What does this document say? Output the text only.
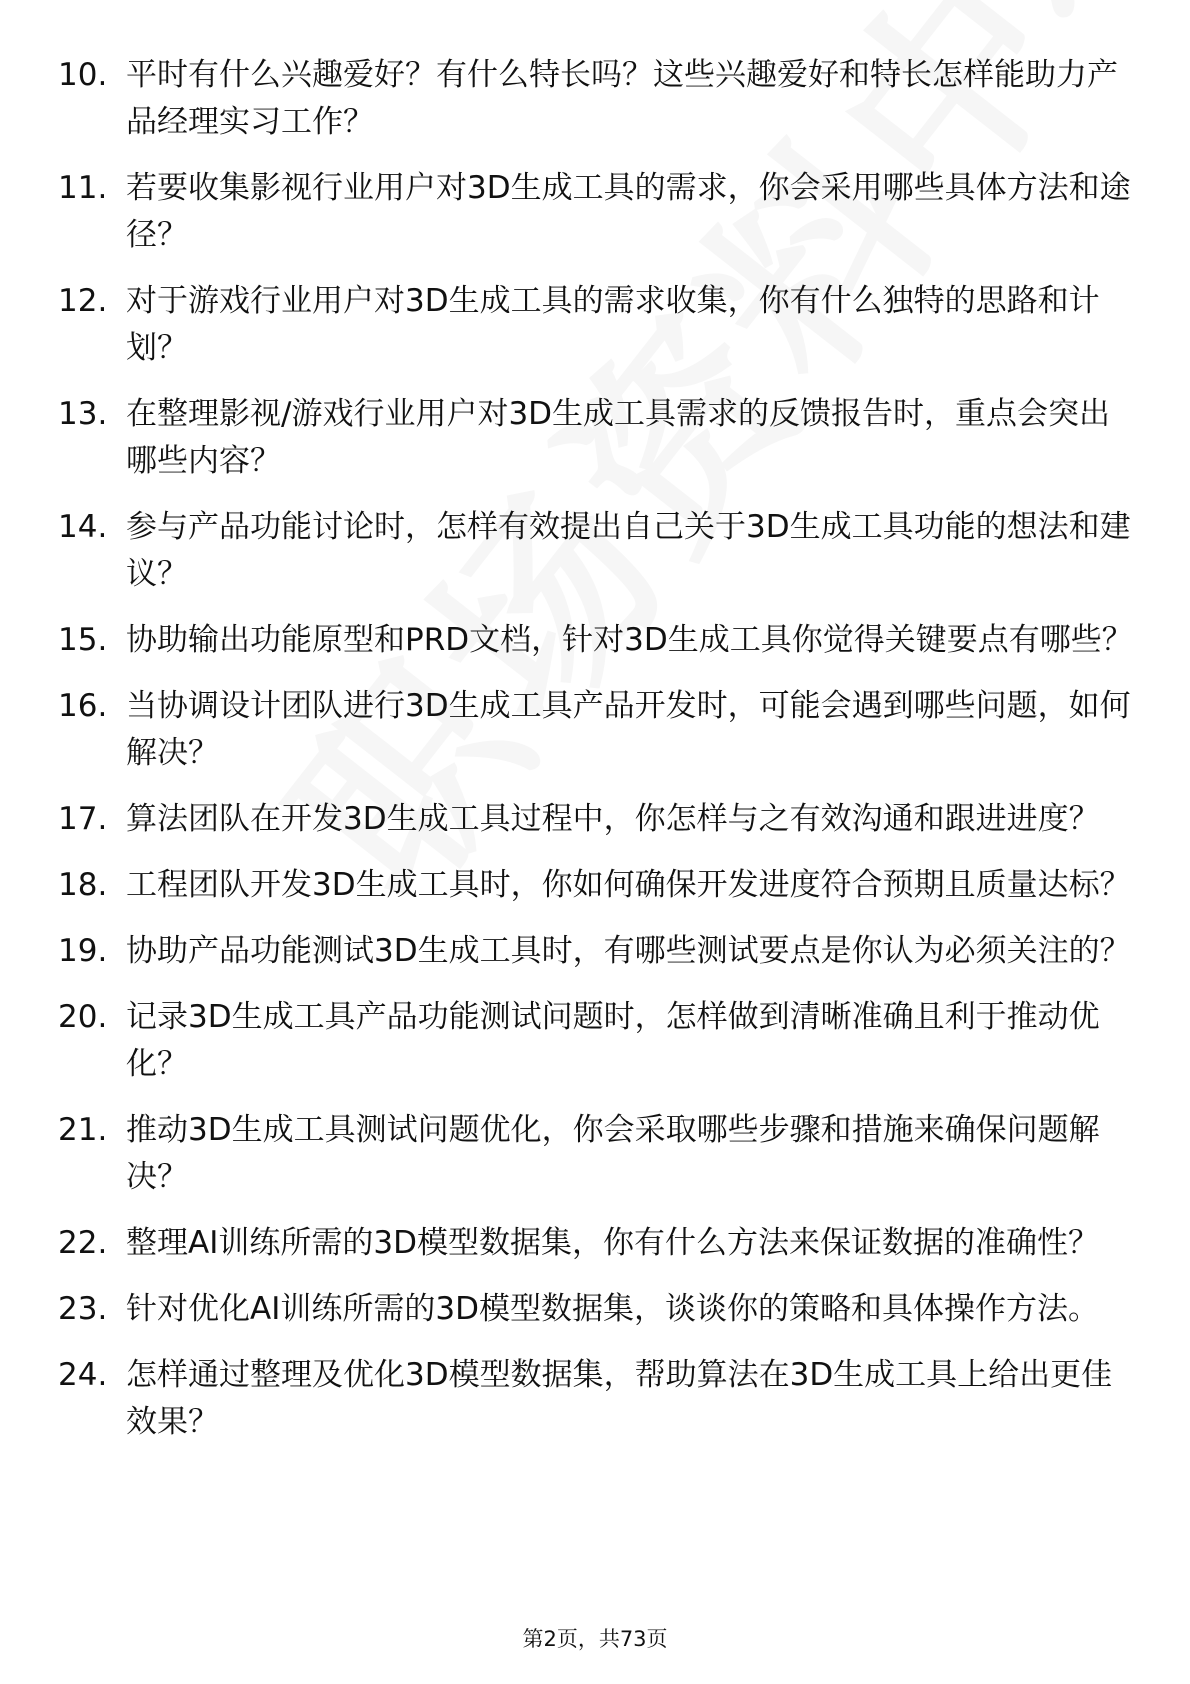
10. 平时有什么兴趣爱好？有什么特长吗？这些兴趣爱好和特长怎样能助力产品经理实习工作？
11. 若要收集影视行业用户对3D生成工具的需求，你会采用哪些具体方法和途径？
12. 对于游戏行业用户对3D生成工具的需求收集，你有什么独特的思路和计划？
13. 在整理影视/游戏行业用户对3D生成工具需求的反馈报告时，重点会突出哪些内容？
14. 参与产品功能讨论时，怎样有效提出自己关于3D生成工具功能的想法和建议？
15. 协助输出功能原型和PRD文档，针对3D生成工具你觉得关键要点有哪些？
16. 当协调设计团队进行3D生成工具产品开发时，可能会遇到哪些问题，如何解决？
17. 算法团队在开发3D生成工具过程中，你怎样与之有效沟通和跟进进度？
18. 工程团队开发3D生成工具时，你如何确保开发进度符合预期且质量达标？
19. 协助产品功能测试3D生成工具时，有哪些测试要点是你认为必须关注的？
20. 记录3D生成工具产品功能测试问题时，怎样做到清晰准确且利于推动优化？
21. 推动3D生成工具测试问题优化，你会采取哪些步骤和措施来确保问题解决？
22. 整理AI训练所需的3D模型数据集，你有什么方法来保证数据的准确性？
23. 针对优化AI训练所需的3D模型数据集，谈谈你的策略和具体操作方法。
24. 怎样通过整理及优化3D模型数据集，帮助算法在3D生成工具上给出更佳效果？
第2页，共73页
